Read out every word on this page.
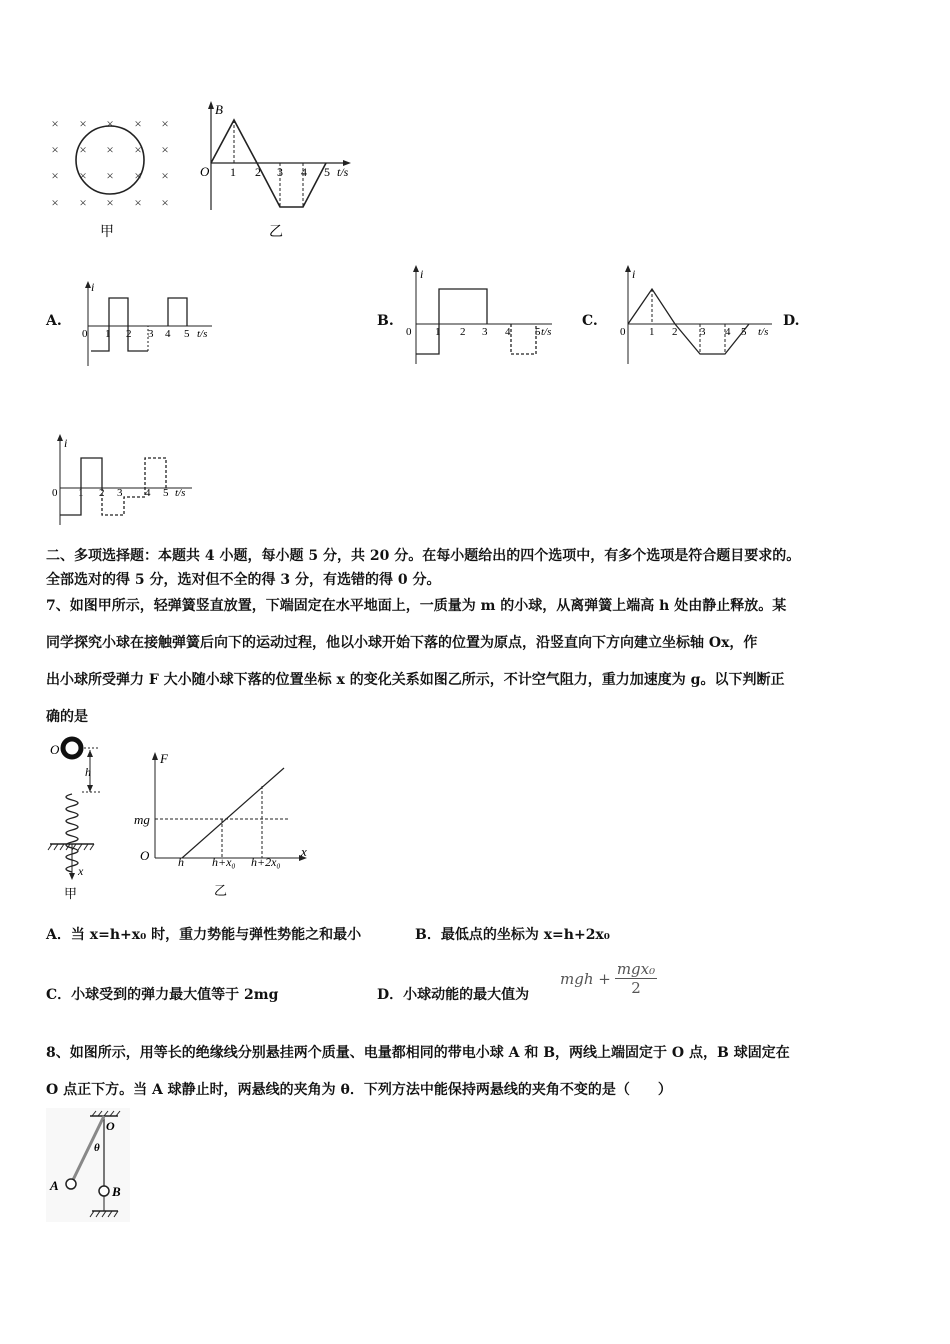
× × × × ×
× × × × ×
× × × × ×
× × × × ×
甲
B
O	t/s
1 2 3 4 5
乙
A.
i
0	t/s
1 2 3 4 5
B.
i
0	t/s
1 2 3 4 5
C.
i
0	t/s
1 2 3 4 5
D.
i
0	t/s
1 2 3 4 5
二、多项选择题：本题共 4 小题，每小题 5 分，共 20 分。在每小题给出的四个选项中，有多个选项是符合题目要求的。
全部选对的得 5 分，选对但不全的得 3 分，有选错的得 0 分。
7、如图甲所示，轻弹簧竖直放置，下端固定在水平地面上，一质量为 m 的小球，从离弹簧上端高 h 处由静止释放。某
同学探究小球在接触弹簧后向下的运动过程，他以小球开始下落的位置为原点，沿竖直向下方向建立坐标轴 Ox，作
出小球所受弹力 F 大小随小球下落的位置坐标 x 的变化关系如图乙所示，不计空气阻力，重力加速度为 g。以下判断正
确的是
O
h
x
甲
F
x
O
mg
h h+x₀ h+2x₀
乙
A．当 x=h+x₀ 时，重力势能与弹性势能之和最小	B．最低点的坐标为 x=h+2x₀
C．小球受到的弹力最大值等于 2mg	D．小球动能的最大值为
mgh +
mgx₀
2
8、如图所示，用等长的绝缘线分别悬挂两个质量、电量都相同的带电小球 A 和 B，两线上端固定于 O 点，B 球固定在
O 点正下方。当 A 球静止时，两悬线的夹角为 θ．下列方法中能保持两悬线的夹角不变的是（　　）
O
θ
A	B
